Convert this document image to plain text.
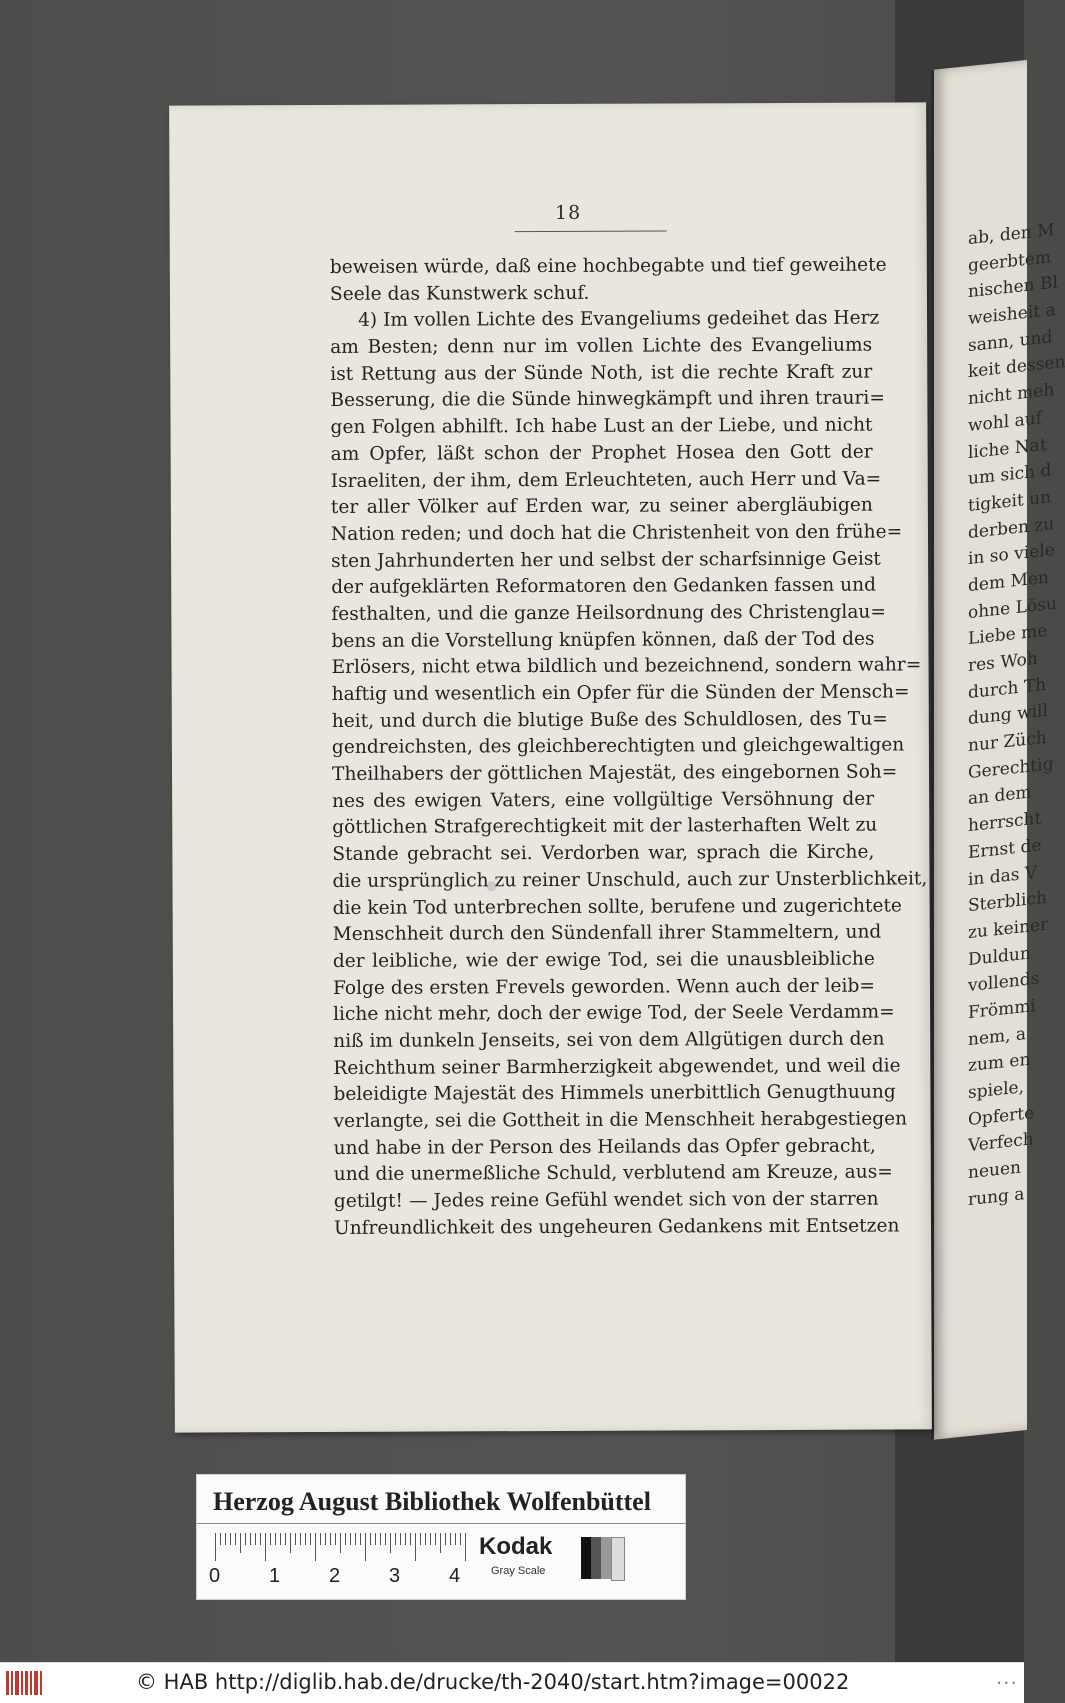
ab, den M
geerbtem
nischen Bl
weisheit a
sann, und
keit dessen
nicht meh
wohl auf
liche Nat
um sich d
tigkeit un
derben zu
in so viele
dem Men
ohne Lösu
Liebe me
res Woh
durch Th
dung will
nur Züch
Gerechtig
an dem
herrscht
Ernst de
in das V
Sterblich
zu keiner
Duldun
vollends
Frömmi
nem, a
zum en
spiele,
Opferte
Verfech
neuen
rung a
18
beweisen würde, daß eine hochbegabte und tief geweihete
Seele das Kunstwerk schuf.
4) Im vollen Lichte des Evangeliums gedeihet das Herz
am Besten; denn nur im vollen Lichte des Evangeliums
ist Rettung aus der Sünde Noth, ist die rechte Kraft zur
Besserung, die die Sünde hinwegkämpft und ihren trauri=
gen Folgen abhilft. Ich habe Lust an der Liebe, und nicht
am Opfer, läßt schon der Prophet Hosea den Gott der
Israeliten, der ihm, dem Erleuchteten, auch Herr und Va=
ter aller Völker auf Erden war, zu seiner abergläubigen
Nation reden; und doch hat die Christenheit von den frühe=
sten Jahrhunderten her und selbst der scharfsinnige Geist
der aufgeklärten Reformatoren den Gedanken fassen und
festhalten, und die ganze Heilsordnung des Christenglau=
bens an die Vorstellung knüpfen können, daß der Tod des
Erlösers, nicht etwa bildlich und bezeichnend, sondern wahr=
haftig und wesentlich ein Opfer für die Sünden der Mensch=
heit, und durch die blutige Buße des Schuldlosen, des Tu=
gendreichsten, des gleichberechtigten und gleichgewaltigen
Theilhabers der göttlichen Majestät, des eingebornen Soh=
nes des ewigen Vaters, eine vollgültige Versöhnung der
göttlichen Strafgerechtigkeit mit der lasterhaften Welt zu
Stande gebracht sei. Verdorben war, sprach die Kirche,
die ursprünglich zu reiner Unschuld, auch zur Unsterblichkeit,
die kein Tod unterbrechen sollte, berufene und zugerichtete
Menschheit durch den Sündenfall ihrer Stammeltern, und
der leibliche, wie der ewige Tod, sei die unausbleibliche
Folge des ersten Frevels geworden. Wenn auch der leib=
liche nicht mehr, doch der ewige Tod, der Seele Verdamm=
niß im dunkeln Jenseits, sei von dem Allgütigen durch den
Reichthum seiner Barmherzigkeit abgewendet, und weil die
beleidigte Majestät des Himmels unerbittlich Genugthuung
verlangte, sei die Gottheit in die Menschheit herabgestiegen
und habe in der Person des Heilands das Opfer gebracht,
und die unermeßliche Schuld, verblutend am Kreuze, aus=
getilgt! — Jedes reine Gefühl wendet sich von der starren
Unfreundlichkeit des ungeheuren Gedankens mit Entsetzen
Herzog August Bibliothek Wolfenbüttel
0 1 2 3 4
Kodak
Gray Scale
© HAB http://diglib.hab.de/drucke/th-2040/start.htm?image=00022	• • •
